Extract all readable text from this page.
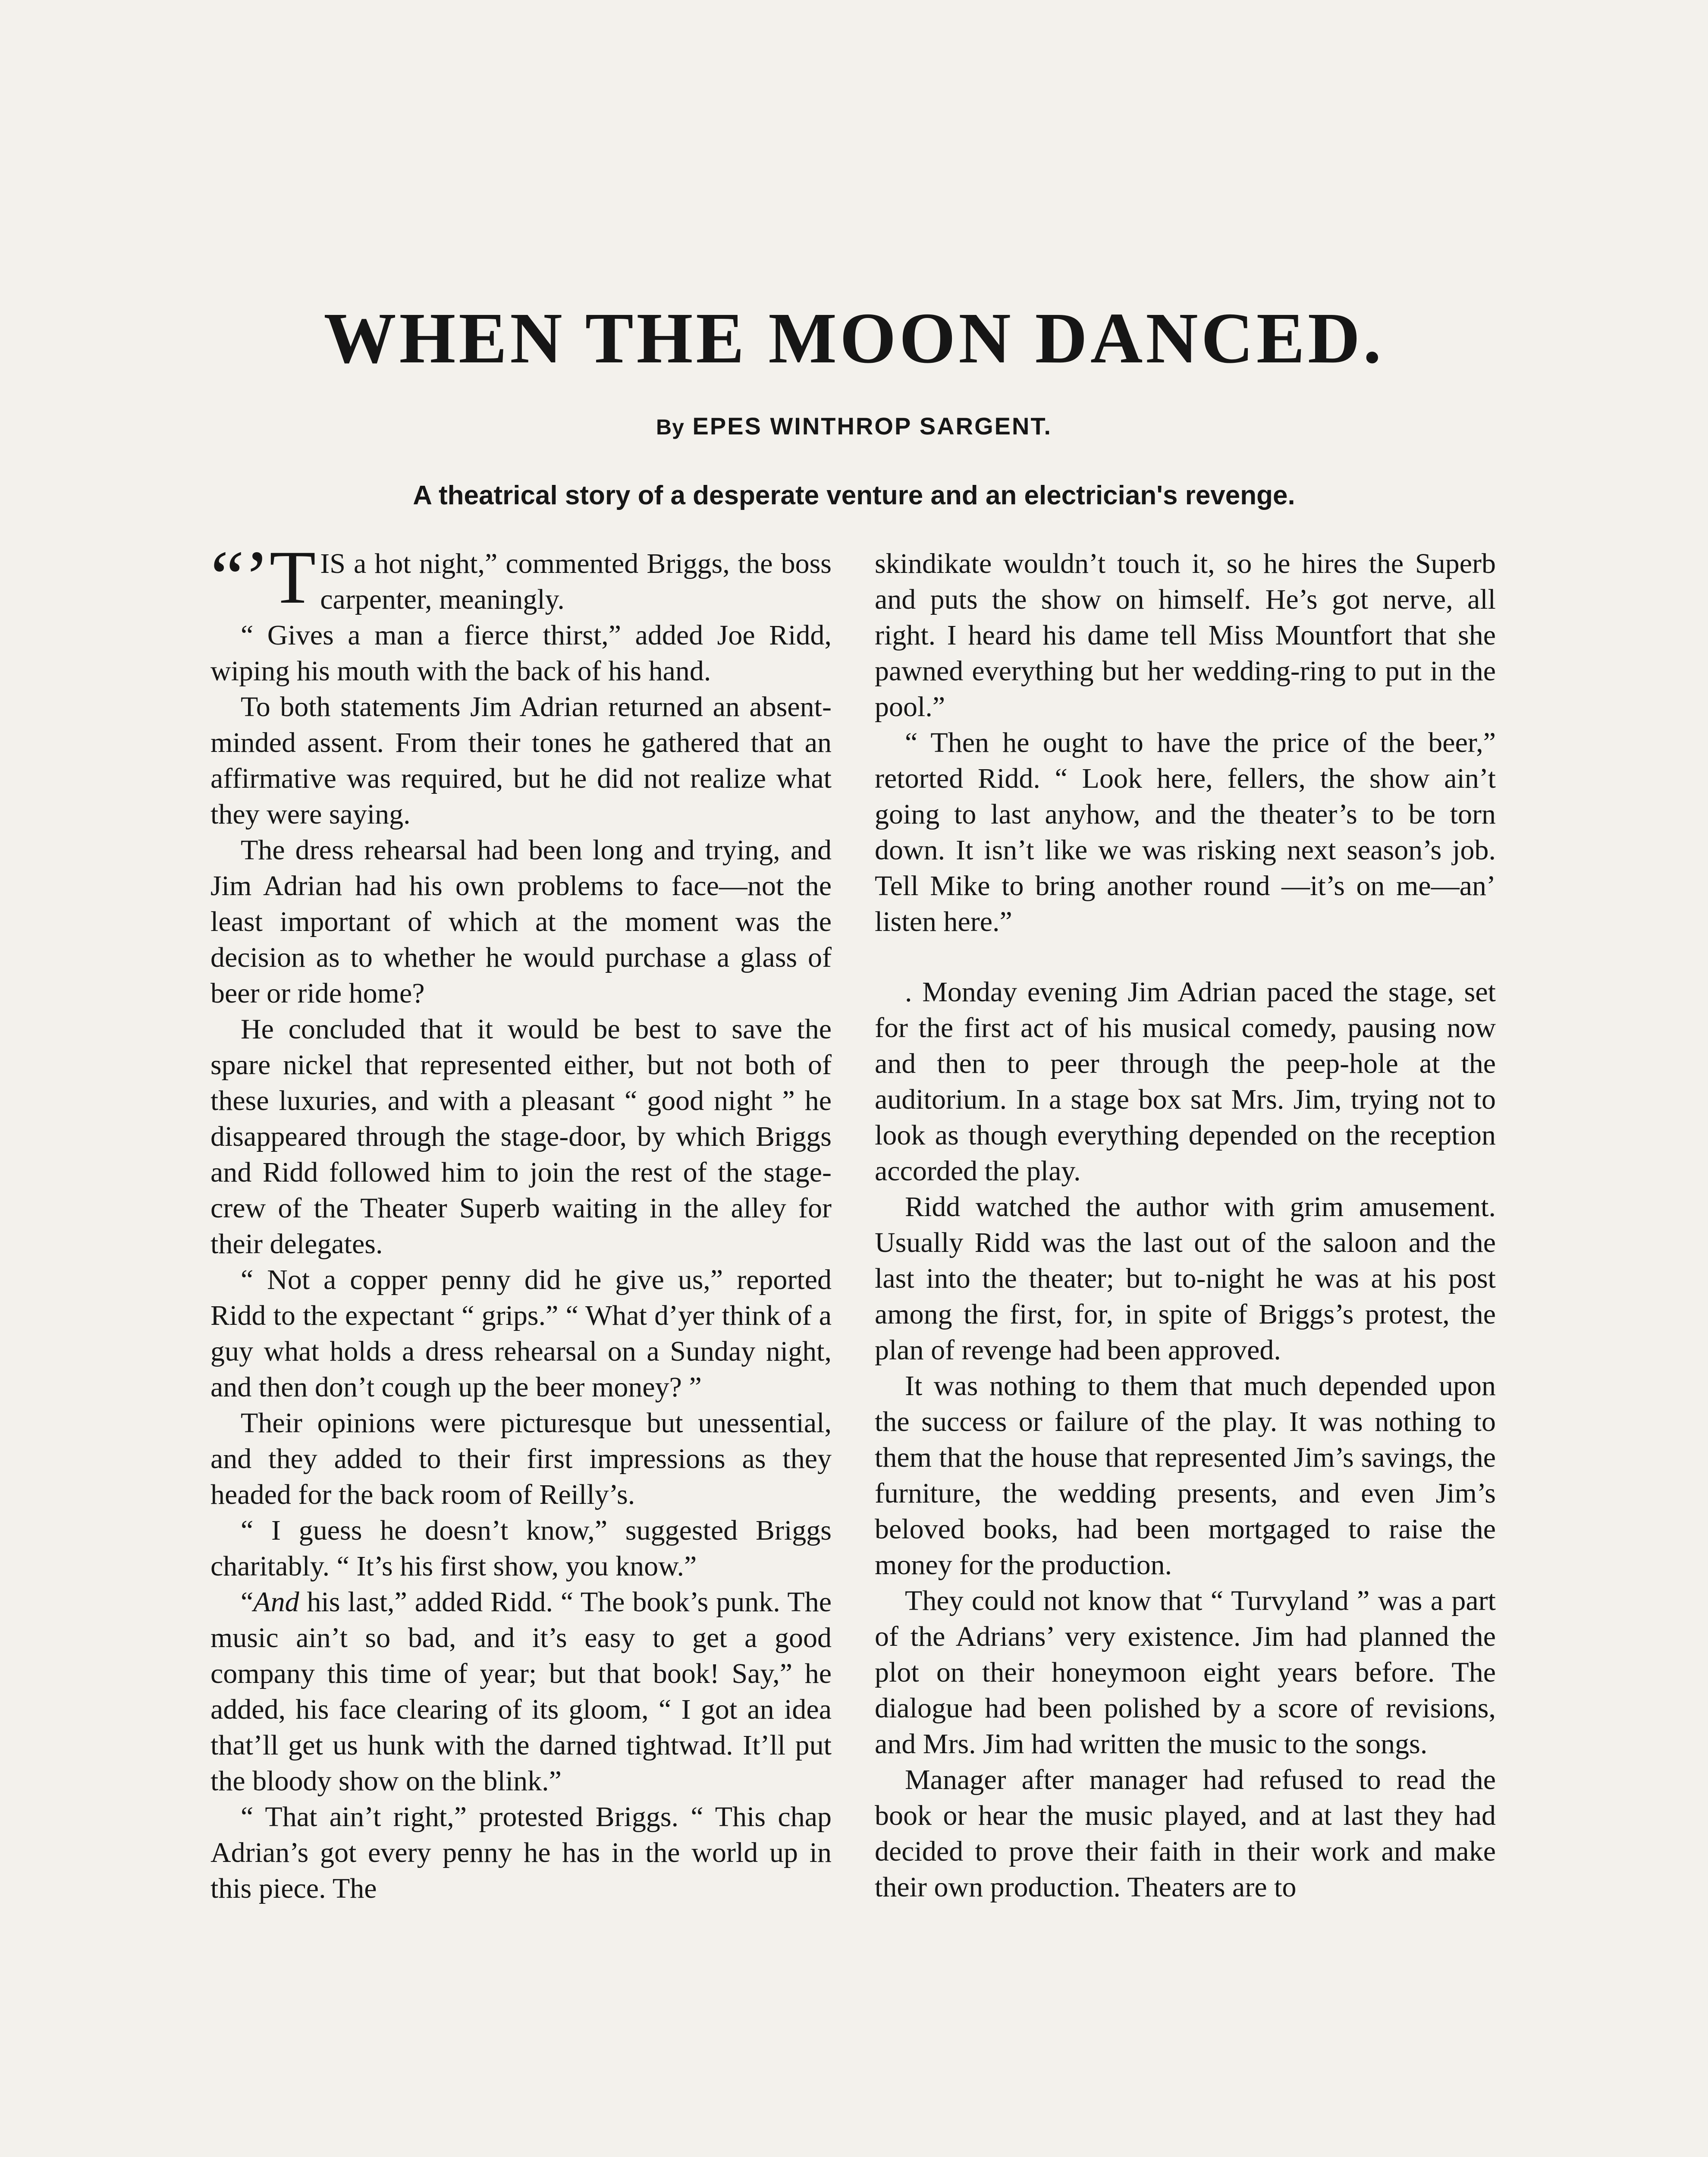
WHEN THE MOON DANCED.
By EPES WINTHROP SARGENT.
A theatrical story of a desperate venture and an electrician's revenge.

“’T IS a hot night,” commented Briggs, the boss carpenter, meaningly.

“ Gives a man a fierce thirst,” added Joe Ridd, wiping his mouth with the back of his hand.

To both statements Jim Adrian returned an absent-minded assent. From their tones he gathered that an affirmative was required, but he did not realize what they were saying.

The dress rehearsal had been long and trying, and Jim Adrian had his own problems to face—not the least important of which at the moment was the decision as to whether he would purchase a glass of beer or ride home?

He concluded that it would be best to save the spare nickel that represented either, but not both of these luxuries, and with a pleasant “ good night ” he disappeared through the stage-door, by which Briggs and Ridd followed him to join the rest of the stage-crew of the Theater Superb waiting in the alley for their delegates.

“ Not a copper penny did he give us,” reported Ridd to the expectant “ grips.” “ What d’yer think of a guy what holds a dress rehearsal on a Sunday night, and then don’t cough up the beer money? ”

Their opinions were picturesque but unessential, and they added to their first impressions as they headed for the back room of Reilly’s.

“ I guess he doesn’t know,” suggested Briggs charitably. “ It’s his first show, you know.”

“And his last,” added Ridd. “ The book’s punk. The music ain’t so bad, and it’s easy to get a good company this time of year; but that book! Say,” he added, his face clearing of its gloom, “ I got an idea that’ll get us hunk with the darned tightwad. It’ll put the bloody show on the blink.”

“ That ain’t right,” protested Briggs. “ This chap Adrian’s got every penny he has in the world up in this piece. The

skindikate wouldn’t touch it, so he hires the Superb and puts the show on himself. He’s got nerve, all right. I heard his dame tell Miss Mountfort that she pawned everything but her wedding-ring to put in the pool.”

“ Then he ought to have the price of the beer,” retorted Ridd. “ Look here, fellers, the show ain’t going to last anyhow, and the theater’s to be torn down. It isn’t like we was risking next season’s job. Tell Mike to bring another round —it’s on me—an’ listen here.”

. Monday evening Jim Adrian paced the stage, set for the first act of his musical comedy, pausing now and then to peer through the peep-hole at the auditorium. In a stage box sat Mrs. Jim, trying not to look as though everything depended on the reception accorded the play.

Ridd watched the author with grim amusement. Usually Ridd was the last out of the saloon and the last into the theater; but to-night he was at his post among the first, for, in spite of Briggs’s protest, the plan of revenge had been approved.

It was nothing to them that much depended upon the success or failure of the play. It was nothing to them that the house that represented Jim’s savings, the furniture, the wedding presents, and even Jim’s beloved books, had been mortgaged to raise the money for the production.

They could not know that “ Turvyland ” was a part of the Adrians’ very existence. Jim had planned the plot on their honeymoon eight years before. The dialogue had been polished by a score of revisions, and Mrs. Jim had written the music to the songs.

Manager after manager had refused to read the book or hear the music played, and at last they had decided to prove their faith in their work and make their own production. Theaters are to
